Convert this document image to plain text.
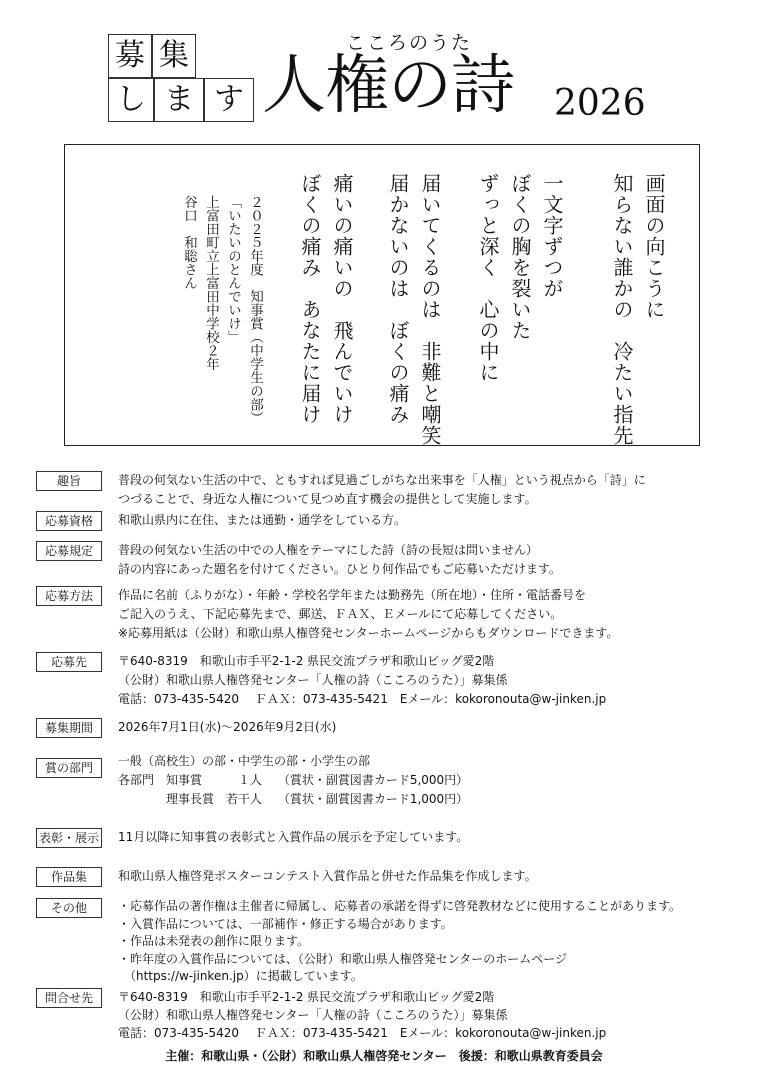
募 集
し ま す
こころのうた
人権の詩 2026
画面の向こうに
知らない誰かの　冷たい指先
一文字ずつが
ぼくの胸を裂いた
ずっと深く　心の中に
届いてくるのは　非難と嘲笑
届かないのは　ぼくの痛み
痛いの痛いの　飛んでいけ
ぼくの痛み　あなたに届け
２０２５年度　知事賞（中学生の部）
「いたいのとんでいけ」
上富田町立上富田中学校２年
谷口　和聡さん
趣旨	普段の何気ない生活の中で、ともすれば見過ごしがちな出来事を「人権」という視点から「詩」に
つづることで、身近な人権について見つめ直す機会の提供として実施します。
応募資格	和歌山県内に在住、または通勤・通学をしている方。
応募規定	普段の何気ない生活の中での人権をテーマにした詩（詩の長短は問いません）
詩の内容にあった題名を付けてください。ひとり何作品でもご応募いただけます。
応募方法	作品に名前（ふりがな）・年齢・学校名学年または勤務先（所在地）・住所・電話番号を
ご記入のうえ、下記応募先まで、郵送、ＦＡＸ、Ｅメールにて応募してください。
※応募用紙は（公財）和歌山県人権啓発センターホームページからもダウンロードできます。
応募先	〒640-8319　和歌山市手平2-1-2 県民交流プラザ和歌山ビッグ愛2階
（公財）和歌山県人権啓発センター「人権の詩（こころのうた）」募集係
電話：073-435-5420　 ＦＡＸ：073-435-5421　Eメール：kokoronouta@w-jinken.jp
募集期間	2026年7月1日(水)～2026年9月2日(水)
賞の部門	一般（高校生）の部・中学生の部・小学生の部
各部門　知事賞　　　１人　 （賞状・副賞図書カード5,000円）
　　　　理事長賞　若干人　 （賞状・副賞図書カード1,000円）
表彰・展示 11月以降に知事賞の表彰式と入賞作品の展示を予定しています。
作品集	和歌山県人権啓発ポスターコンテスト入賞作品と併せた作品集を作成します。
その他	・応募作品の著作権は主催者に帰属し、応募者の承諾を得ずに啓発教材などに使用することがあります。
・入賞作品については、一部補作・修正する場合があります。
・作品は未発表の創作に限ります。
・昨年度の入賞作品については、（公財）和歌山県人権啓発センターのホームページ
　（https://w-jinken.jp）に掲載しています。
問合せ先	〒640-8319　和歌山市手平2-1-2 県民交流プラザ和歌山ビッグ愛2階
（公財）和歌山県人権啓発センター「人権の詩（こころのうた）」募集係
電話：073-435-5420　 ＦＡＸ：073-435-5421　Eメール：kokoronouta@w-jinken.jp
主催：和歌山県・（公財）和歌山県人権啓発センター　後援：和歌山県教育委員会
